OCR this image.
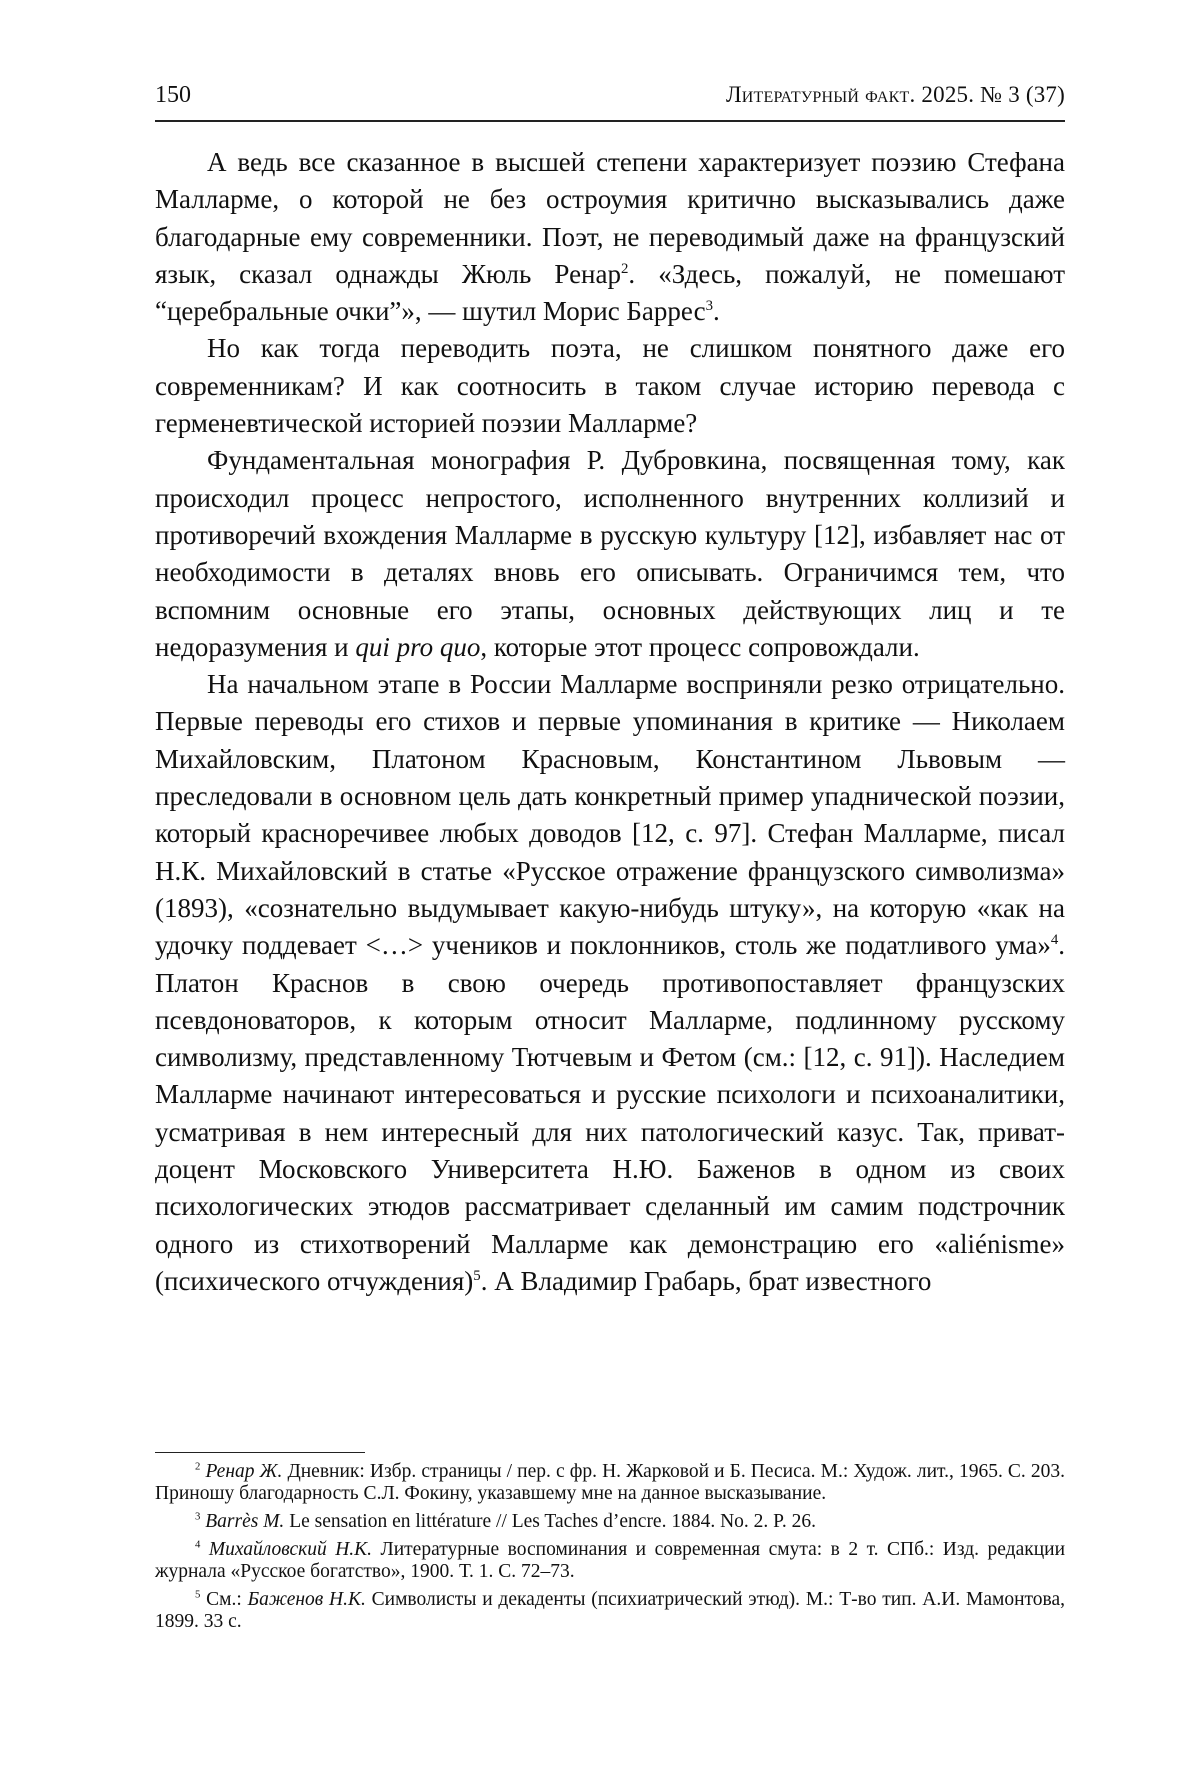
150	Литературный факт. 2025. № 3 (37)

А ведь все сказанное в высшей степени характеризует поэзию Стефана Малларме, о которой не без остроумия критично высказывались даже благодарные ему современники. Поэт, не переводимый даже на французский язык, сказал однажды Жюль Ренар$^2$. «Здесь, пожалуй, не помешают “церебральные очки”», — шутил Морис Баррес$^3$.

Но как тогда переводить поэта, не слишком понятного даже его современникам? И как соотносить в таком случае историю перевода с герменевтической историей поэзии Малларме?

Фундаментальная монография Р. Дубровкина, посвященная тому, как происходил процесс непростого, исполненного внутренних коллизий и противоречий вхождения Малларме в русскую культуру [12], избавляет нас от необходимости в деталях вновь его описывать. Ограничимся тем, что вспомним основные его этапы, основных действующих лиц и те недоразумения и qui pro quo, которые этот процесс сопровождали.

На начальном этапе в России Малларме восприняли резко отрицательно. Первые переводы его стихов и первые упоминания в критике — Николаем Михайловским, Платоном Красновым, Константином Львовым — преследовали в основном цель дать конкретный пример упаднической поэзии, который красноречивее любых доводов [12, с. 97]. Стефан Малларме, писал Н.К. Михайловский в статье «Русское отражение французского символизма» (1893), «сознательно выдумывает какую-нибудь штуку», на которую «как на удочку поддевает <…> учеников и поклонников, столь же податливого ума»$^4$. Платон Краснов в свою очередь противопоставляет французских псевдоноваторов, к которым относит Малларме, подлинному русскому символизму, представленному Тютчевым и Фетом (см.: [12, с. 91]). Наследием Малларме начинают интересоваться и русские психологи и психоаналитики, усматривая в нем интересный для них патологический казус. Так, приват-доцент Московского Университета Н.Ю. Баженов в одном из своих психологических этюдов рассматривает сделанный им самим подстрочник одного из стихотворений Малларме как демонстрацию его «aliénisme» (психического отчуждения)$^5$. А Владимир Грабарь, брат известного

$^2$ Ренар Ж. Дневник: Избр. страницы / пер. с фр. Н. Жарковой и Б. Песиса. М.: Худож. лит., 1965. С. 203. Приношу благодарность С.Л. Фокину, указавшему мне на данное высказывание.

$^3$ Barrès M. Le sensation en littérature // Les Taches d’encre. 1884. No. 2. P. 26.

$^4$ Михайловский Н.К. Литературные воспоминания и современная смута: в 2 т. СПб.: Изд. редакции журнала «Русское богатство», 1900. Т. 1. С. 72–73.

$^5$ См.: Баженов Н.К. Символисты и декаденты (психиатрический этюд). М.: Т-во тип. А.И. Мамонтова, 1899. 33 с.
